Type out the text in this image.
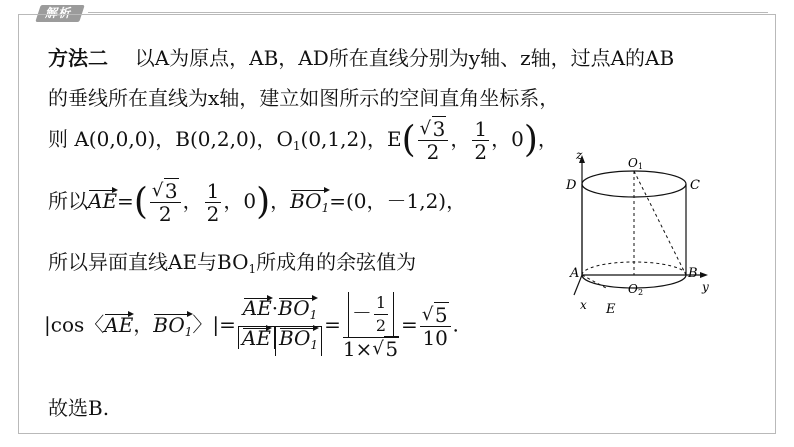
解析
方法二 以A为原点，AB，AD所在直线分别为y轴、z轴，过点A的AB
的垂线所在直线为x轴，建立如图所示的空间直角坐标系，
则 A(0,0,0)，B(0,2,0)，$O_1(0,1,2)$，E( √ $\frac{3}{2}$ ， $\frac{1}{2}$ ，0)，
所以AE=( √ $\frac{3}{2}$ ， $\frac{1}{2}$ ，0)，$BO_1=(0$，－1,2)，
所以异面直线AE与$BO_1$所成角的余弦值为
|cos〈AE，$BO_1$〉|= $\frac{AE\cdot BO_1}{AE BO_1} = \frac{- \frac{1}{2}}{1\times √ 5}$ = √ $\frac{5}{10}$ .
故选B.
z
D
O 1
C
A	B
O 2	y
x E
